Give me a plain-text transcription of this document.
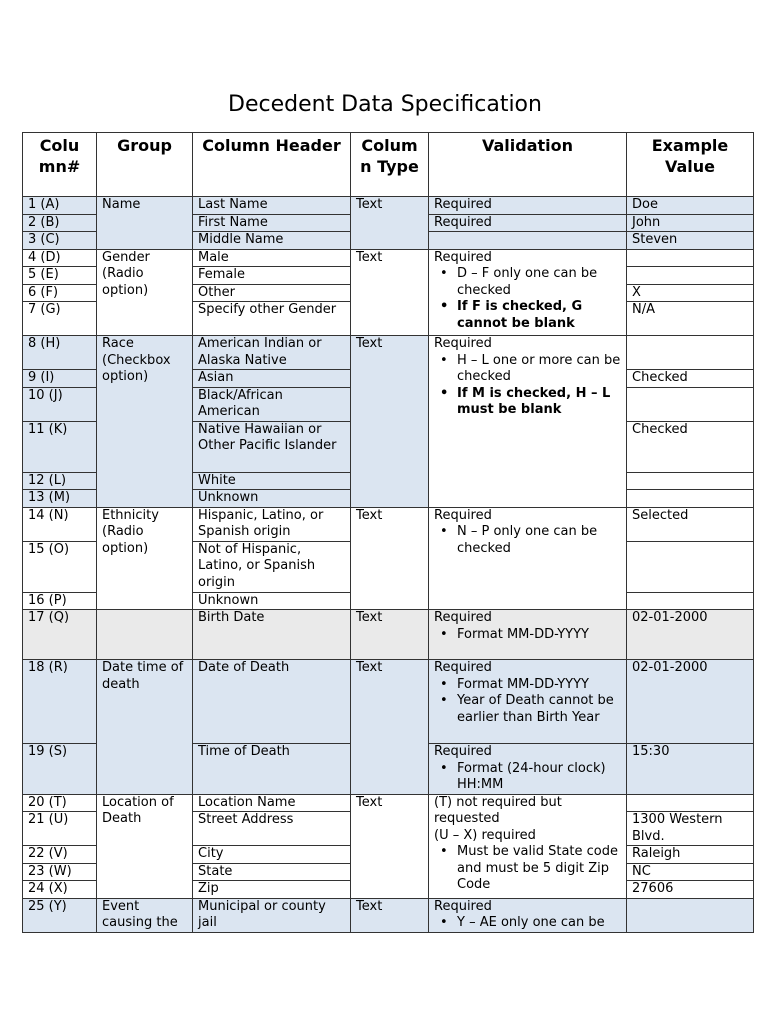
Decedent Data Specification
Colu mn#	Group	Column Header	Colum n Type	Validation	Example Value
1 (A)	Name	Last Name	Text	Required	Doe
2 (B)		First Name		Required	John
3 (C)		Middle Name			Steven
4 (D)	Gender (Radio option)	Male	Text	Required
• D – F only one can be checked
• If F is checked, G cannot be blank

5 (E)		Female			
6 (F)		Other			X
7 (G)		Specify other Gender			N/A
8 (H)	Race (Checkbox option)	American Indian or Alaska Native	Text	Required
• H – L one or more can be checked
• If M is checked, H – L must be blank

9 (I)		Asian			Checked
10 (J)		Black/African American			
11 (K)		Native Hawaiian or Other Pacific Islander			Checked
12 (L)		White			
13 (M)		Unknown			
14 (N)	Ethnicity (Radio option)	Hispanic, Latino, or Spanish origin	Text	Required
• N – P only one can be checked	Selected
15 (O)		Not of Hispanic, Latino, or Spanish origin			
16 (P)		Unknown			
17 (Q)		Birth Date	Text	Required
• Format MM-DD-YYYY	02-01-2000
18 (R)	Date time of death	Date of Death	Text	Required
• Format MM-DD-YYYY
• Year of Death cannot be earlier than Birth Year	02-01-2000
19 (S)		Time of Death		Required
• Format (24-hour clock) HH:MM	15:30
20 (T)	Location of Death	Location Name	Text	(T) not required but requested
(U – X) required
• Must be valid State code and must be 5 digit Zip Code

21 (U)		Street Address			1300 Western Blvd.
22 (V)		City			Raleigh
23 (W)		State			NC
24 (X)		Zip			27606
25 (Y)	Event causing the	Municipal or county jail	Text	Required
• Y – AE only one can be
